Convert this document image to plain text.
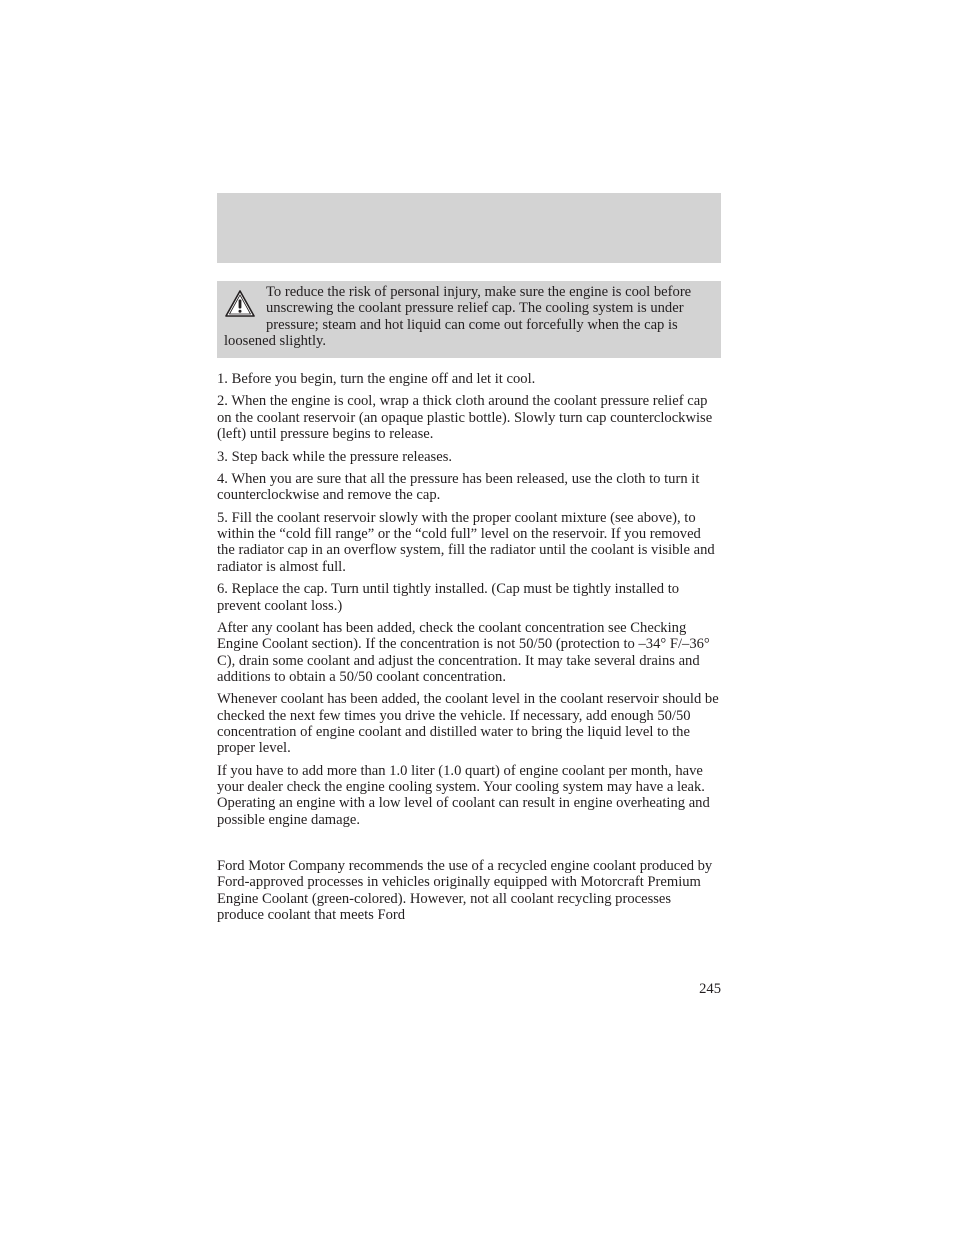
To reduce the risk of personal injury, make sure the engine is cool before unscrewing the coolant pressure relief cap. The cooling system is under pressure; steam and hot liquid can come out forcefully when the cap is loosened slightly.

1. Before you begin, turn the engine off and let it cool.

2. When the engine is cool, wrap a thick cloth around the coolant pressure relief cap on the coolant reservoir (an opaque plastic bottle). Slowly turn cap counterclockwise (left) until pressure begins to release.

3. Step back while the pressure releases.

4. When you are sure that all the pressure has been released, use the cloth to turn it counterclockwise and remove the cap.

5. Fill the coolant reservoir slowly with the proper coolant mixture (see above), to within the “cold fill range” or the “cold full” level on the reservoir. If you removed the radiator cap in an overflow system, fill the radiator until the coolant is visible and radiator is almost full.

6. Replace the cap. Turn until tightly installed. (Cap must be tightly installed to prevent coolant loss.)

After any coolant has been added, check the coolant concentration see Checking Engine Coolant section). If the concentration is not 50/50 (protection to –34° F/–36° C), drain some coolant and adjust the concentration. It may take several drains and additions to obtain a 50/50 coolant concentration.

Whenever coolant has been added, the coolant level in the coolant reservoir should be checked the next few times you drive the vehicle. If necessary, add enough 50/50 concentration of engine coolant and distilled water to bring the liquid level to the proper level.

If you have to add more than 1.0 liter (1.0 quart) of engine coolant per month, have your dealer check the engine cooling system. Your cooling system may have a leak. Operating an engine with a low level of coolant can result in engine overheating and possible engine damage.

Ford Motor Company recommends the use of a recycled engine coolant produced by Ford-approved processes in vehicles originally equipped with Motorcraft Premium Engine Coolant (green-colored). However, not all coolant recycling processes produce coolant that meets Ford

245
